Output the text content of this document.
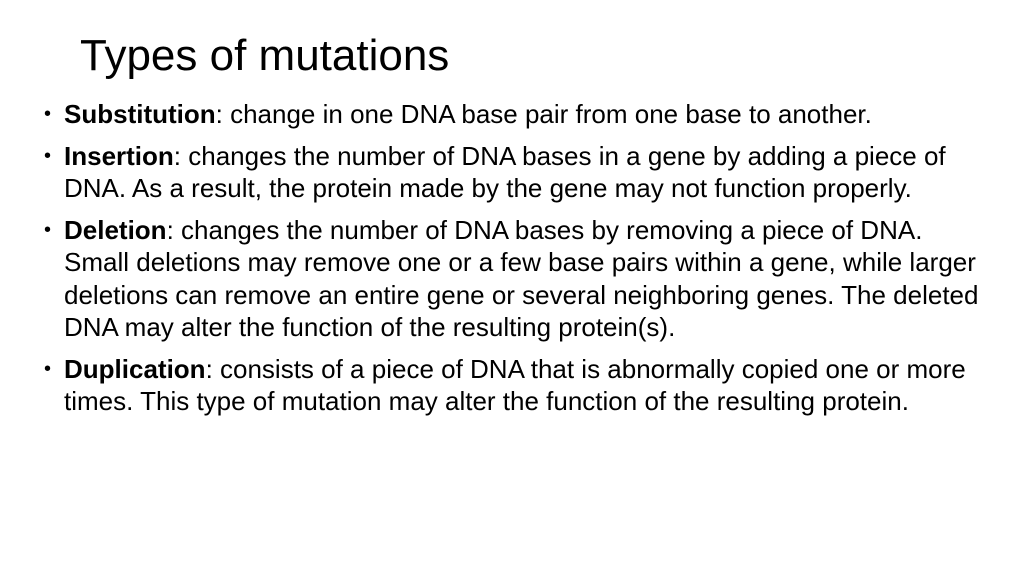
Types of mutations
• Substitution: change in one DNA base pair from one base to another.
• Insertion: changes the number of DNA bases in a gene by adding a piece of DNA. As a result, the protein made by the gene may not function properly.
• Deletion: changes the number of DNA bases by removing a piece of DNA. Small deletions may remove one or a few base pairs within a gene, while larger deletions can remove an entire gene or several neighboring genes. The deleted DNA may alter the function of the resulting protein(s).
• Duplication: consists of a piece of DNA that is abnormally copied one or more times. This type of mutation may alter the function of the resulting protein.
